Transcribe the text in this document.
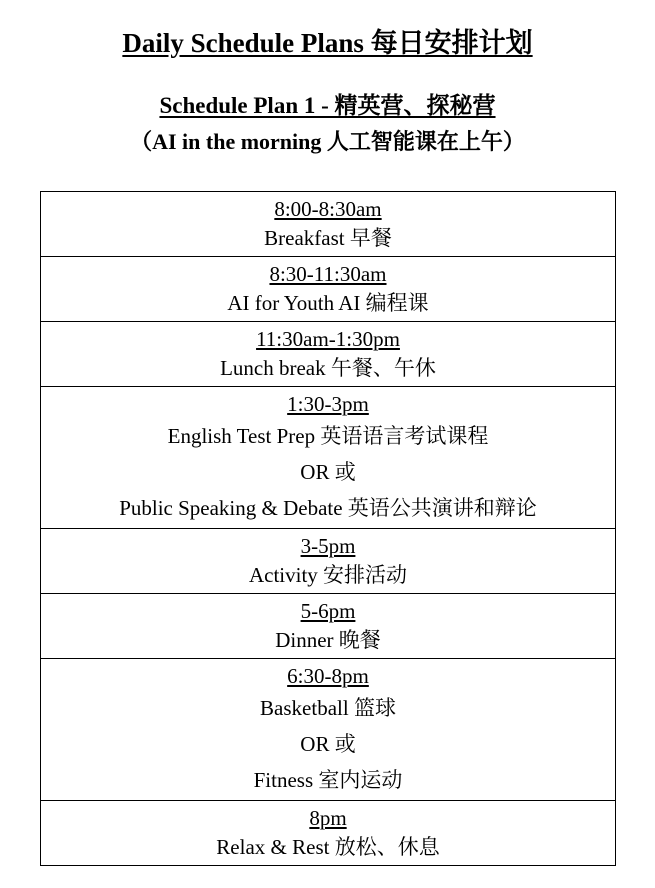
Daily Schedule Plans 每日安排计划
Schedule Plan 1 - 精英营、探秘营
（AI in the morning 人工智能课在上午）
8:00-8:30am
Breakfast 早餐

8:30-11:30am
AI for Youth AI 编程课

11:30am-1:30pm
Lunch break 午餐、午休

1:30-3pm
English Test Prep 英语语言考试课程
OR 或
Public Speaking & Debate 英语公共演讲和辩论

3-5pm
Activity 安排活动

5-6pm
Dinner 晚餐

6:30-8pm
Basketball 篮球
OR 或
Fitness 室内运动

8pm
Relax & Rest 放松、休息
